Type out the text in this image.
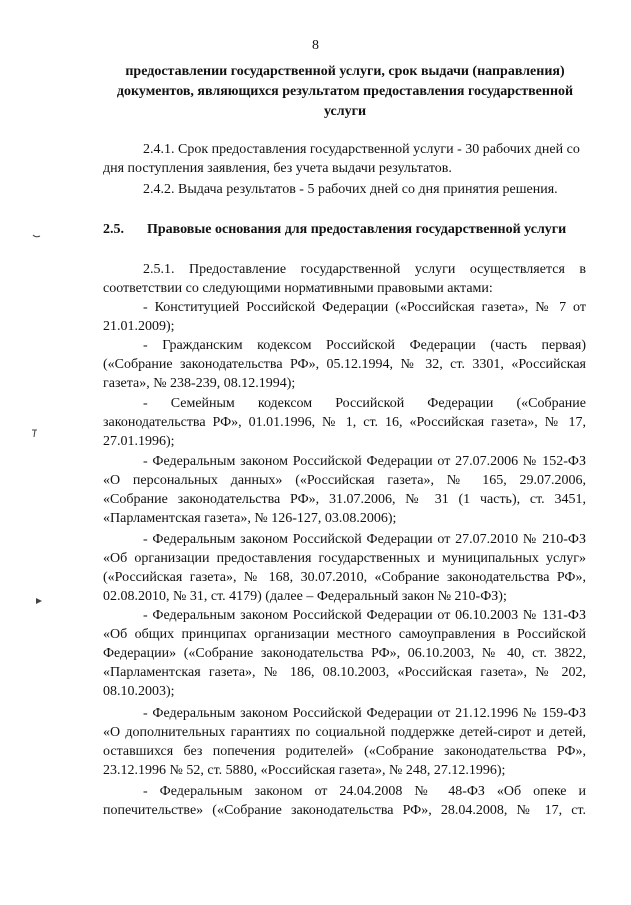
8
предоставлении государственной услуги, срок выдачи (направления)
документов, являющихся результатом предоставления государственной
услуги
2.4.1. Срок предоставления государственной услуги - 30 рабочих дней со
дня поступления заявления, без учета выдачи результатов.
2.4.2. Выдача результатов - 5 рабочих дней со дня принятия решения.
2.5. Правовые основания для предоставления государственной услуги
2.5.1. Предоставление государственной услуги осуществляется в
соответствии со следующими нормативными правовыми актами:
- Конституцией Российской Федерации («Российская газета», № 7 от
21.01.2009);
- Гражданским кодексом Российской Федерации (часть первая)
(«Собрание законодательства РФ», 05.12.1994, № 32, ст. 3301, «Российская
газета», № 238-239, 08.12.1994);
- Семейным кодексом Российской Федерации («Собрание
законодательства РФ», 01.01.1996, № 1, ст. 16, «Российская газета», № 17,
27.01.1996);
- Федеральным законом Российской Федерации от 27.07.2006 № 152-ФЗ
«О персональных данных» («Российская газета», № 165, 29.07.2006,
«Собрание законодательства РФ», 31.07.2006, № 31 (1 часть), ст. 3451,
«Парламентская газета», № 126-127, 03.08.2006);
- Федеральным законом Российской Федерации от 27.07.2010 № 210-ФЗ
«Об организации предоставления государственных и муниципальных услуг»
(«Российская газета», № 168, 30.07.2010, «Собрание законодательства РФ»,
02.08.2010, № 31, ст. 4179) (далее – Федеральный закон № 210-ФЗ);
- Федеральным законом Российской Федерации от 06.10.2003 № 131-ФЗ
«Об общих принципах организации местного самоуправления в Российской
Федерации» («Собрание законодательства РФ», 06.10.2003, № 40, ст. 3822,
«Парламентская газета», № 186, 08.10.2003, «Российская газета», № 202,
08.10.2003);
- Федеральным законом Российской Федерации от 21.12.1996 № 159-ФЗ
«О дополнительных гарантиях по социальной поддержке детей-сирот и детей,
оставшихся без попечения родителей» («Собрание законодательства РФ»,
23.12.1996 № 52, ст. 5880, «Российская газета», № 248, 27.12.1996);
- Федеральным законом от 24.04.2008 № 48-ФЗ «Об опеке и
попечительстве» («Собрание законодательства РФ», 28.04.2008, № 17, ст.
